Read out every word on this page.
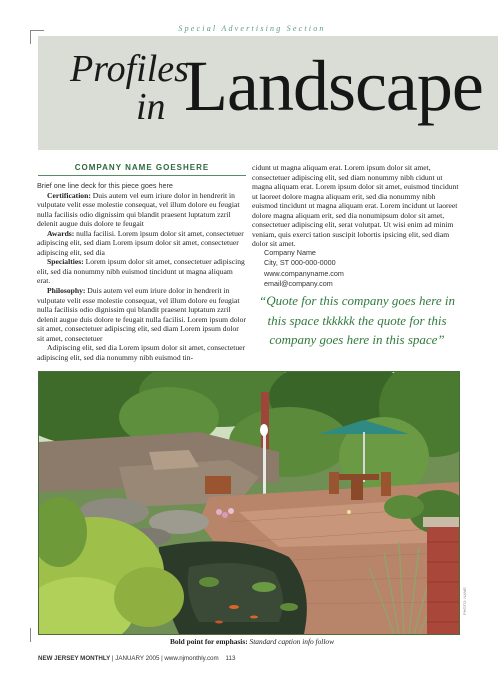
Special Advertising Section
Profiles
in Landscape
COMPANY NAME GOESHERE

Brief one line deck for this piece goes here

Certification: Duis autem vel eum iriure dolor in hendrerit in vulputate velit esse molestie consequat, vel illum dolore eu feugiat nulla facilisis odio dignissim qui blandit praesent luptatum zzril delenit augue duis dolore te feugait

Awards: nulla facilisi. Lorem ipsum dolor sit amet, consectetuer adipiscing elit, sed diam Lorem ipsum dolor sit amet, consectetuer adipiscing elit, sed dia

Specialties: Lorem ipsum dolor sit amet, consectetuer adipiscing elit, sed dia nonummy nibh euismod tincidunt ut magna aliquam erat.

Philosophy: Duis autem vel eum iriure dolor in hendrerit in vulputate velit esse molestie consequat, vel illum dolore eu feugiat nulla facilisis odio dignissim qui blandit praesent luptatum zzril delenit augue duis dolore te feugait nulla facilisi. Lorem ipsum dolor sit amet, consectetuer adipiscing elit, sed diam Lorem ipsum dolor sit amet, consectetuer

Adipiscing elit, sed dia Lorem ipsum dolor sit amet, consectetuer adipiscing elit, sed dia nonummy nibh euismod tin-

cidunt ut magna aliquam erat. Lorem ipsum dolor sit amet, consectetuer adipiscing elit, sed diam nonummy nibh cidunt ut magna aliquam erat. Lorem ipsum dolor sit amet, euismod tincidunt ut laoreet dolore magna aliquam erit, sed dia nonummy nibh euismod tincidunt ut magna aliquam erat. Lorem incidunt ut laoreet dolore magna aliquam erit, sed dia nonumipsum dolor sit amet, consectetuer adipiscing elit, serat volutpat. Ut wisi enim ad minim veniam, quis exerci tation suscipit lobortis ipsicing elit, sed diam dolor sit amet.

Company Name
City, ST 000-000-0000
www.companyname.com
email@company.com
“Quote for this company goes here in this space tkkkkk the quote for this company goes here in this space”
PHOTO: NAME
Bold point for emphasis: Standard caption info follow
NEW JERSEY MONTHLY | JANUARY 2005 | www.njmonthly.com 113
